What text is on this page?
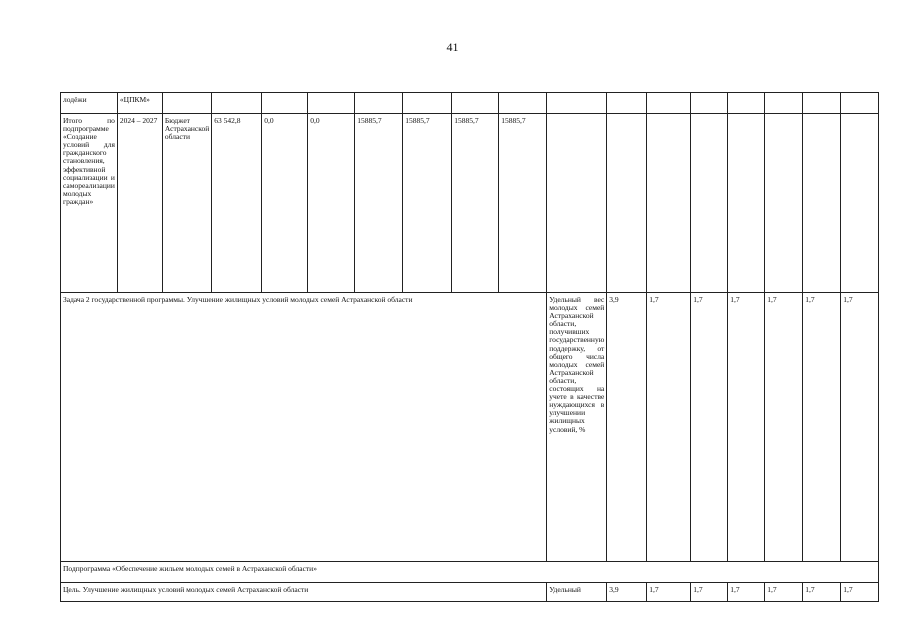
41
лодёжи	«ЦПКМ»																
Итого по подпрограмме «Создание условий для гражданского становления, эффективной социализации и самореализации молодых граждан»	2024 – 2027	Бюджет Астраханской области	63 542,8	0,0	0,0	15885,7	15885,7	15885,7	15885,7								
Задача 2 государственной программы. Улучшение жилищных условий молодых семей Астраханской области										Удельный вес молодых семей Астраханской области, получивших государственную поддержку, от общего числа молодых семей Астраханской области, состоящих на учете в качестве нуждающихся в улучшении жилищных условий, %	3,9	1,7	1,7	1,7	1,7	1,7	1,7
Подпрограмма «Обеспечение жильем молодых семей в Астраханской области»																	
Цель. Улучшение жилищных условий молодых семей Астраханской области										Удельный	3,9	1,7	1,7	1,7	1,7	1,7	1,7
